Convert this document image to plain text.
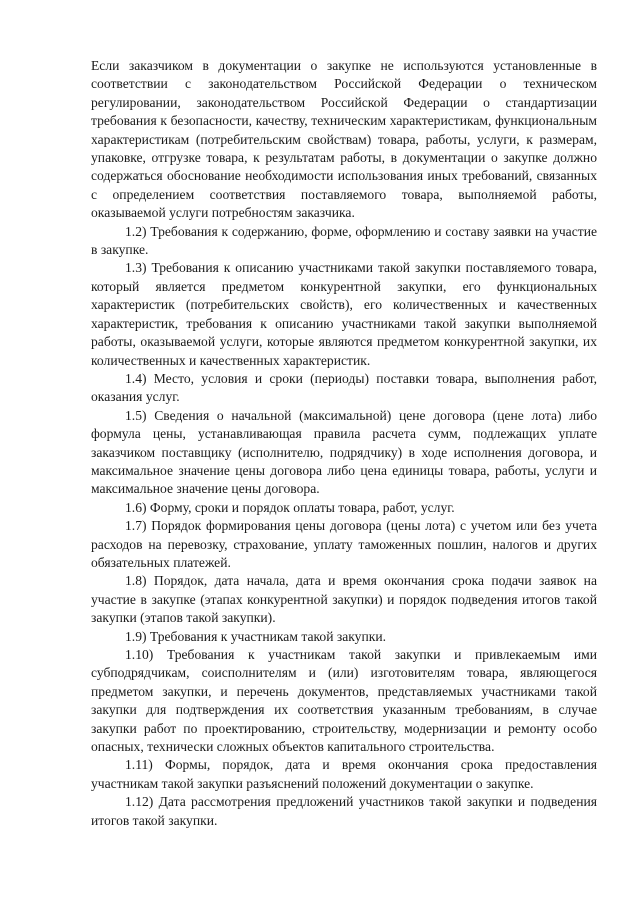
Если заказчиком в документации о закупке не используются установленные в соответствии с законодательством Российской Федерации о техническом регулировании, законодательством Российской Федерации о стандартизации требования к безопасности, качеству, техническим характеристикам, функциональным характеристикам (потребительским свойствам) товара, работы, услуги, к размерам, упаковке, отгрузке товара, к результатам работы, в документации о закупке должно содержаться обоснование необходимости использования иных требований, связанных с определением соответствия поставляемого товара, выполняемой работы, оказываемой услуги потребностям заказчика.

1.2) Требования к содержанию, форме, оформлению и составу заявки на участие в закупке.

1.3) Требования к описанию участниками такой закупки поставляемого товара, который является предметом конкурентной закупки, его функциональных характеристик (потребительских свойств), его количественных и качественных характеристик, требования к описанию участниками такой закупки выполняемой работы, оказываемой услуги, которые являются предметом конкурентной закупки, их количественных и качественных характеристик.

1.4) Место, условия и сроки (периоды) поставки товара, выполнения работ, оказания услуг.

1.5) Сведения о начальной (максимальной) цене договора (цене лота) либо формула цены, устанавливающая правила расчета сумм, подлежащих уплате заказчиком поставщику (исполнителю, подрядчику) в ходе исполнения договора, и максимальное значение цены договора либо цена единицы товара, работы, услуги и максимальное значение цены договора.

1.6) Форму, сроки и порядок оплаты товара, работ, услуг.

1.7) Порядок формирования цены договора (цены лота) с учетом или без учета расходов на перевозку, страхование, уплату таможенных пошлин, налогов и других обязательных платежей.

1.8) Порядок, дата начала, дата и время окончания срока подачи заявок на участие в закупке (этапах конкурентной закупки) и порядок подведения итогов такой закупки (этапов такой закупки).

1.9) Требования к участникам такой закупки.

1.10) Требования к участникам такой закупки и привлекаемым ими субподрядчикам, соисполнителям и (или) изготовителям товара, являющегося предметом закупки, и перечень документов, представляемых участниками такой закупки для подтверждения их соответствия указанным требованиям, в случае закупки работ по проектированию, строительству, модернизации и ремонту особо опасных, технически сложных объектов капитального строительства.

1.11) Формы, порядок, дата и время окончания срока предоставления участникам такой закупки разъяснений положений документации о закупке.

1.12) Дата рассмотрения предложений участников такой закупки и подведения итогов такой закупки.
